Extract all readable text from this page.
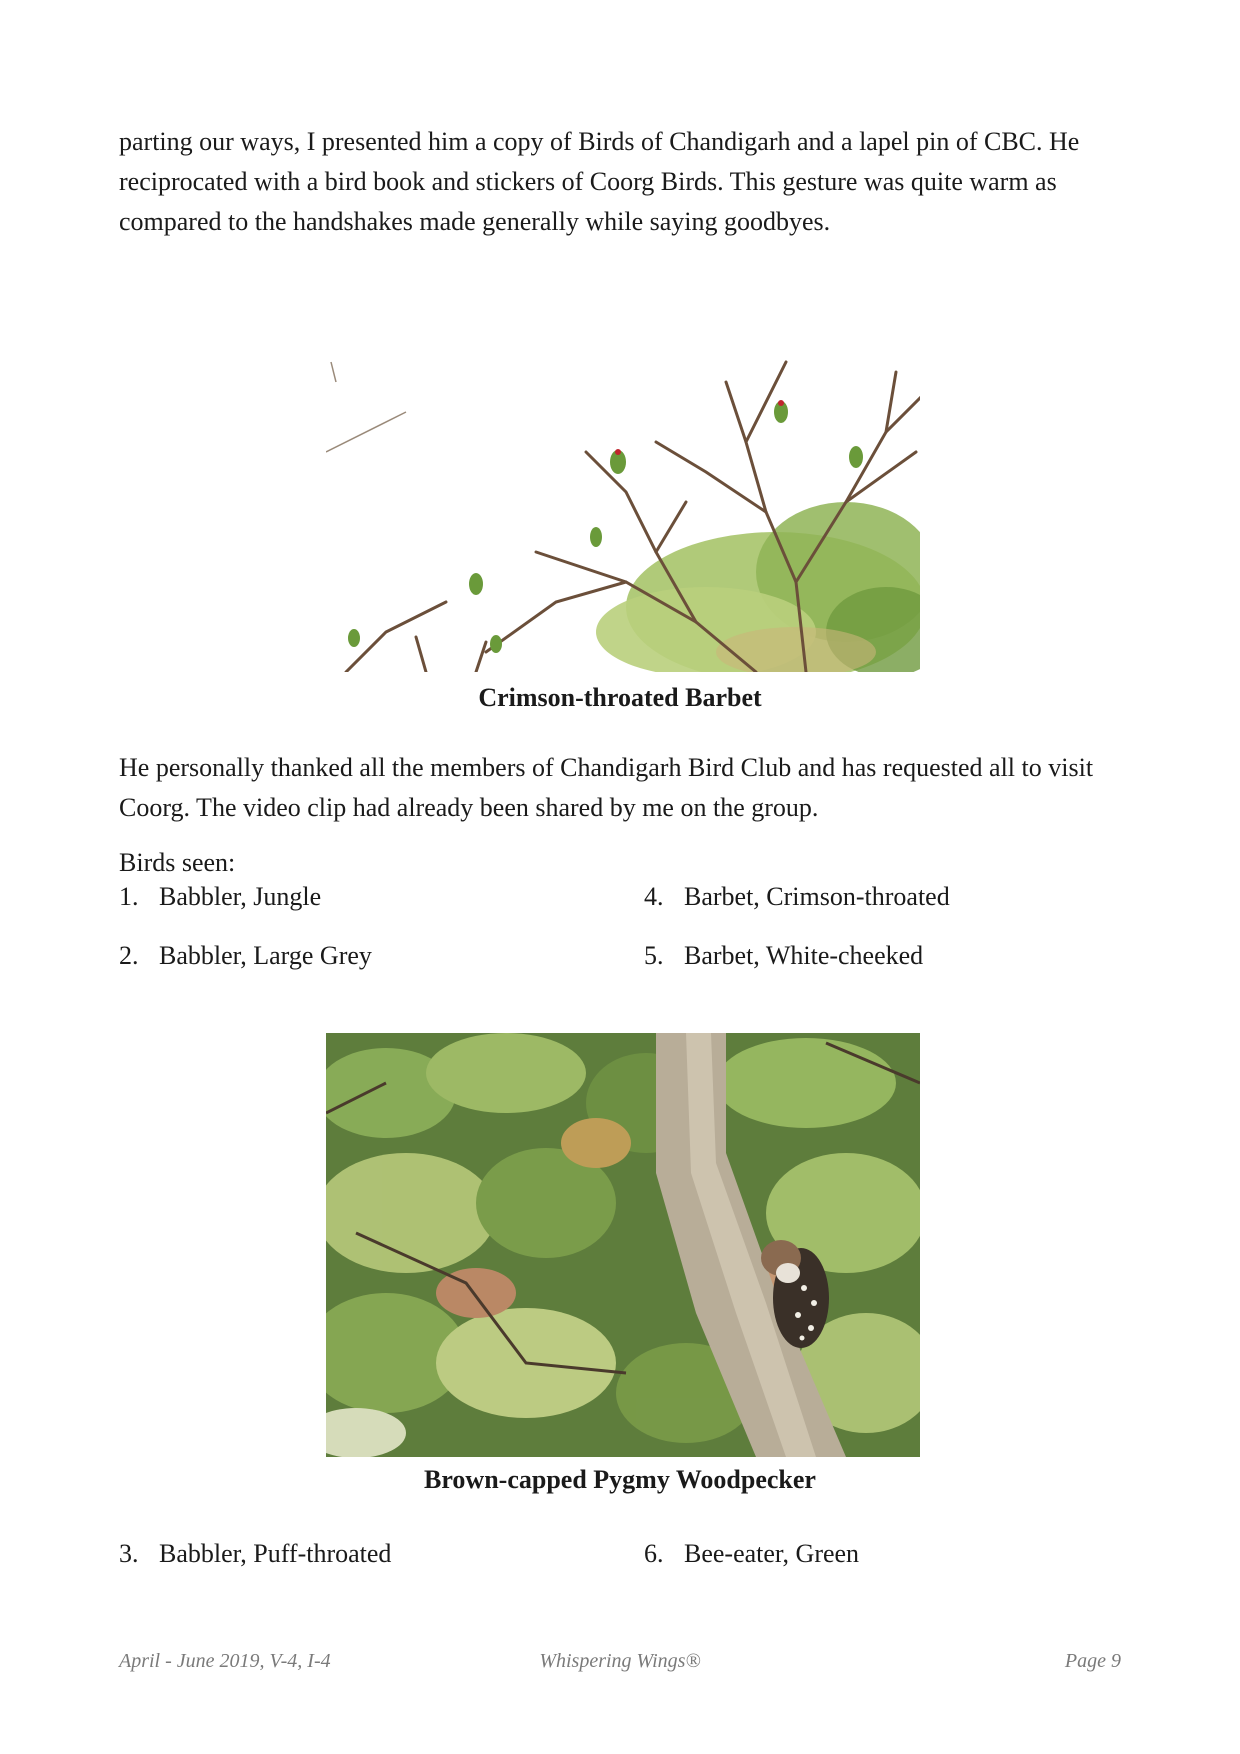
parting our ways, I presented him a copy of Birds of Chandigarh and a lapel pin of CBC. He reciprocated with a bird book and stickers of Coorg Birds. This gesture was quite warm as compared to the handshakes made generally while saying goodbyes.

Crimson-throated Barbet

He personally thanked all the members of Chandigarh Bird Club and has requested all to visit Coorg. The video clip had already been shared by me on the group.

Birds seen:
1. Babbler, Jungle
2. Babbler, Large Grey
4. Barbet, Crimson-throated
5. Barbet, White-cheeked
Brown-capped Pygmy Woodpecker
3. Babbler, Puff-throated	6. Bee-eater, Green
April - June 2019, V-4, I-4	Whispering Wings®	Page 9
